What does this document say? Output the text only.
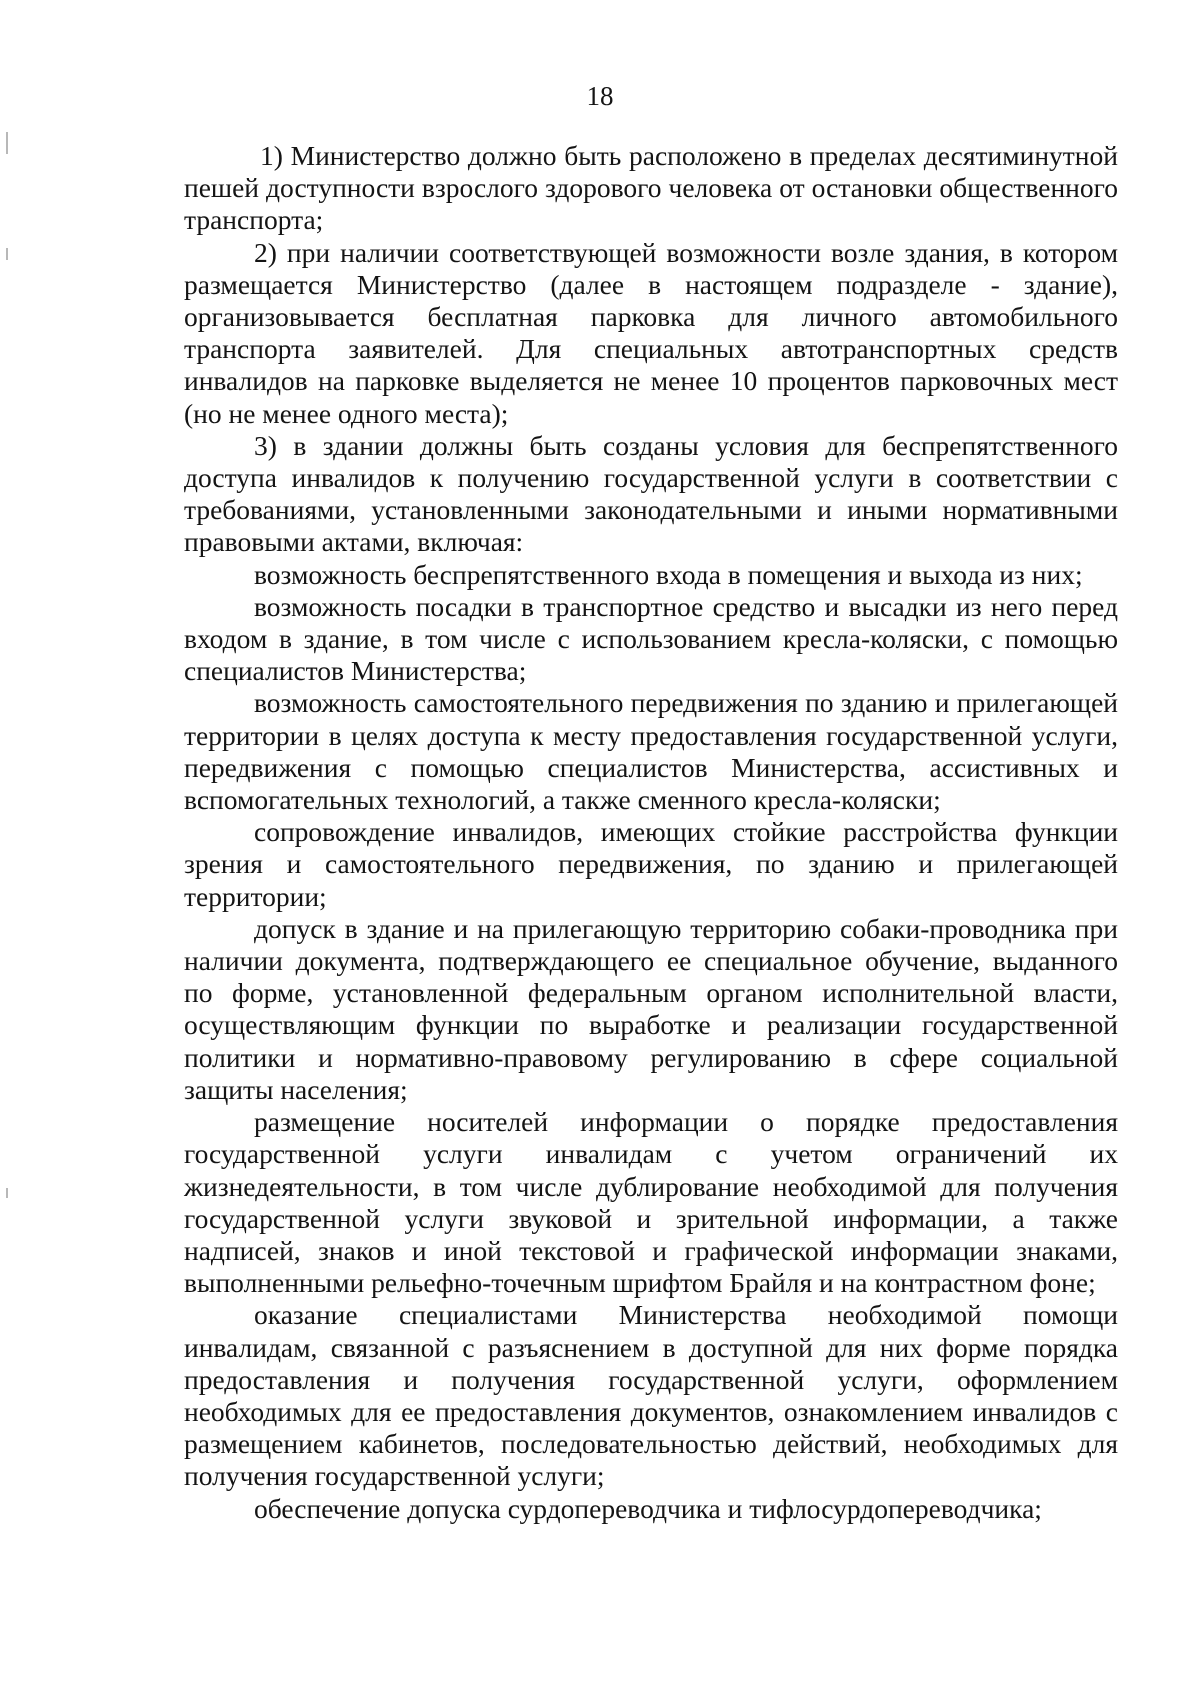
18

1) Министерство должно быть расположено в пределах десятиминутной пешей доступности взрослого здорового человека от остановки общественного транспорта;

2) при наличии соответствующей возможности возле здания, в котором размещается Министерство (далее в настоящем подразделе - здание), организовывается бесплатная парковка для личного автомобильного транспорта заявителей. Для специальных автотранспортных средств инвалидов на парковке выделяется не менее 10 процентов парковочных мест (но не менее одного места);

3) в здании должны быть созданы условия для беспрепятственного доступа инвалидов к получению государственной услуги в соответствии с требованиями, установленными законодательными и иными нормативными правовыми актами, включая:

возможность беспрепятственного входа в помещения и выхода из них;

возможность посадки в транспортное средство и высадки из него перед входом в здание, в том числе с использованием кресла-коляски, с помощью специалистов Министерства;

возможность самостоятельного передвижения по зданию и прилегающей территории в целях доступа к месту предоставления государственной услуги, передвижения с помощью специалистов Министерства, ассистивных и вспомогательных технологий, а также сменного кресла-коляски;

сопровождение инвалидов, имеющих стойкие расстройства функции зрения и самостоятельного передвижения, по зданию и прилегающей территории;

допуск в здание и на прилегающую территорию собаки-проводника при наличии документа, подтверждающего ее специальное обучение, выданного по форме, установленной федеральным органом исполнительной власти, осуществляющим функции по выработке и реализации государственной политики и нормативно-правовому регулированию в сфере социальной защиты населения;

размещение носителей информации о порядке предоставления государственной услуги инвалидам с учетом ограничений их жизнедеятельности, в том числе дублирование необходимой для получения государственной услуги звуковой и зрительной информации, а также надписей, знаков и иной текстовой и графической информации знаками, выполненными рельефно-точечным шрифтом Брайля и на контрастном фоне;

оказание специалистами Министерства необходимой помощи инвалидам, связанной с разъяснением в доступной для них форме порядка предоставления и получения государственной услуги, оформлением необходимых для ее предоставления документов, ознакомлением инвалидов с размещением кабинетов, последовательностью действий, необходимых для получения государственной услуги;

обеспечение допуска сурдопереводчика и тифлосурдопереводчика;
